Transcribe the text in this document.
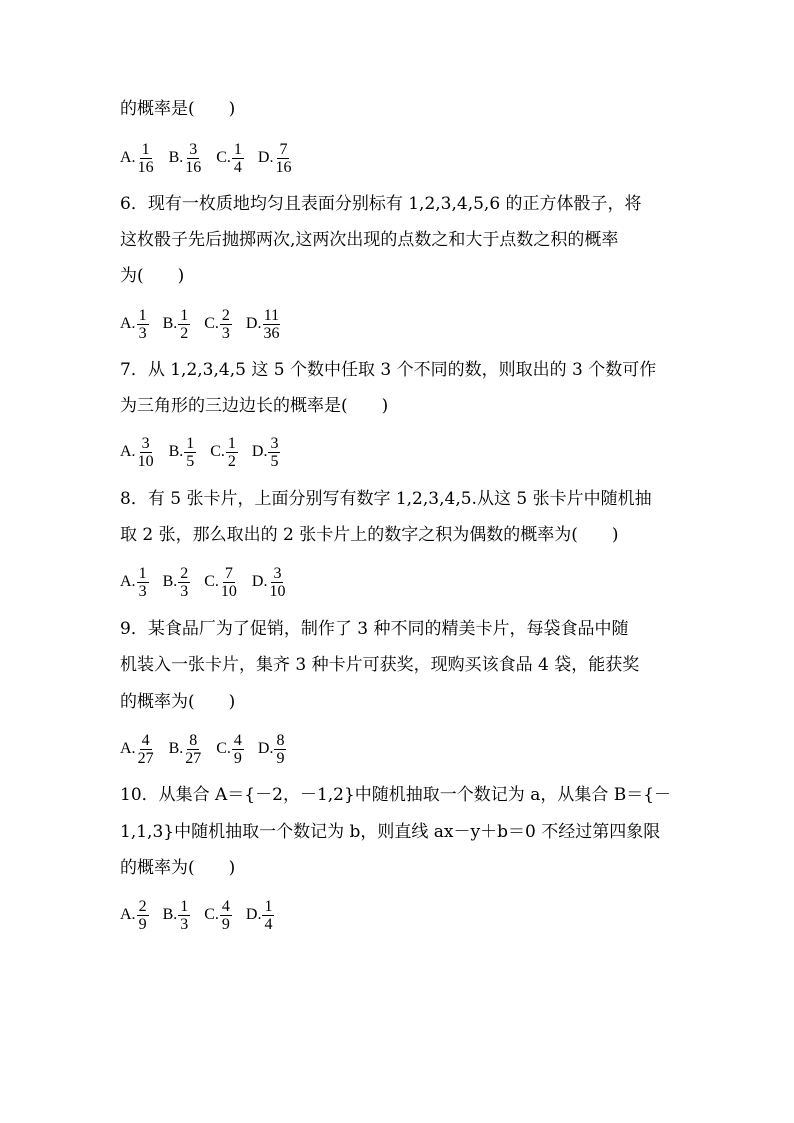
的概率是(　　)
A. $\frac{1}{16} B$. $\frac{3}{16} C$. $\frac{1}{4} D$. $\frac{7}{16}$
6．现有一枚质地均匀且表面分别标有 1,2,3,4,5,6 的正方体骰子，将
这枚骰子先后抛掷两次,这两次出现的点数之和大于点数之积的概率
为(　　)
A. $\frac{1}{3} B$. $\frac{1}{2} C$. $\frac{2}{3} D$. $\frac{11}{36}$
7．从 1,2,3,4,5 这 5 个数中任取 3 个不同的数，则取出的 3 个数可作
为三角形的三边边长的概率是(　　)
A. $\frac{3}{10} B$. $\frac{1}{5} C$. $\frac{1}{2} D$. $\frac{3}{5}$
8．有 5 张卡片，上面分别写有数字 1,2,3,4,5.从这 5 张卡片中随机抽
取 2 张，那么取出的 2 张卡片上的数字之积为偶数的概率为(　　)
A. $\frac{1}{3} B$. $\frac{2}{3} C$. $\frac{7}{10} D$. $\frac{3}{10}$
9．某食品厂为了促销，制作了 3 种不同的精美卡片，每袋食品中随
机装入一张卡片，集齐 3 种卡片可获奖，现购买该食品 4 袋，能获奖
的概率为(　　)
A. $\frac{4}{27} B$. $\frac{8}{27} C$. $\frac{4}{9} D$. $\frac{8}{9}$
10．从集合 A＝{－2，－1,2}中随机抽取一个数记为 a，从集合 B＝{－
1,1,3}中随机抽取一个数记为 b，则直线 ax－y＋b＝0 不经过第四象限
的概率为(　　)
A. $\frac{2}{9} B$. $\frac{1}{3} C$. $\frac{4}{9} D$. $\frac{1}{4}$
